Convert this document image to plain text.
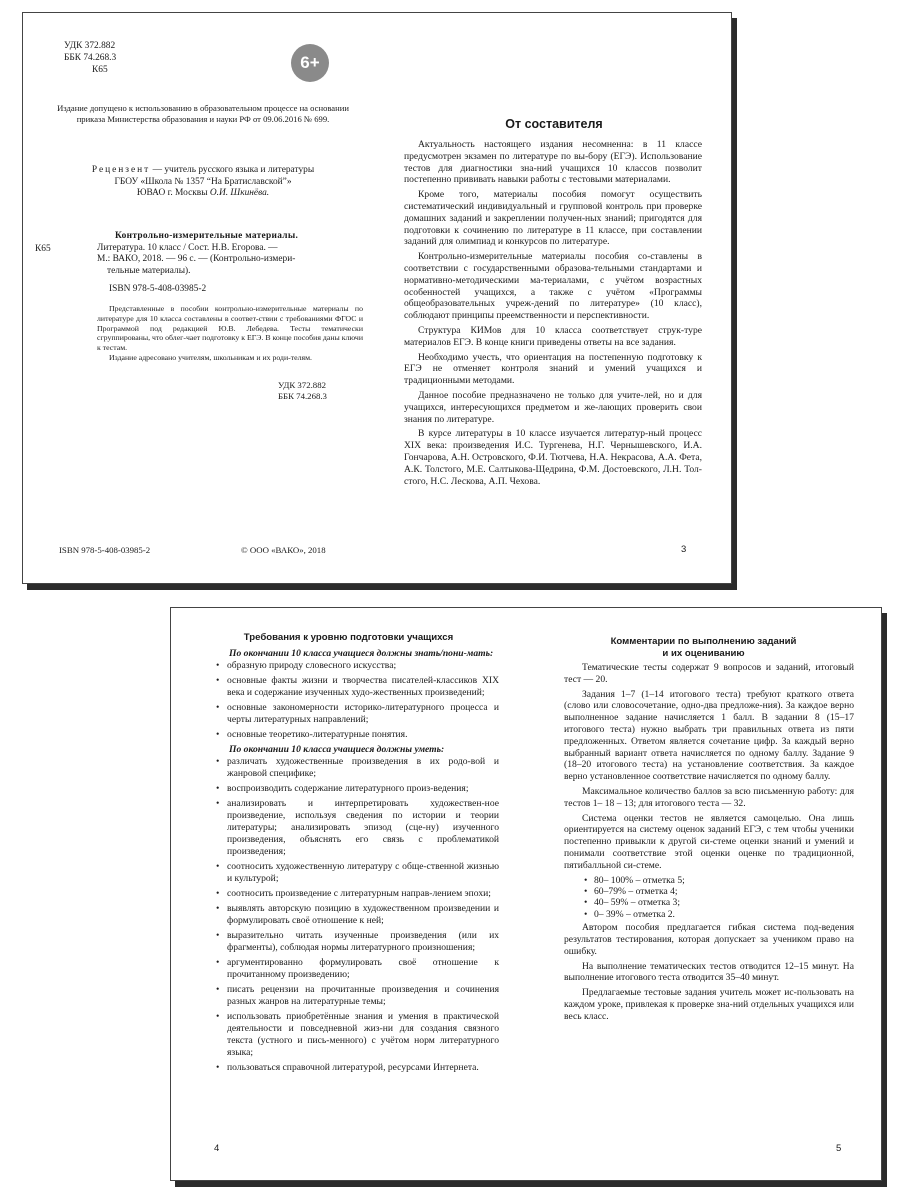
УДК 372.882
ББК 74.268.3
К65	6+

Издание допущено к использованию в образовательном процессе на основании приказа Министерства образования и науки РФ от 09.06.2016 № 699.

Рецензент — учитель русского языка и литературы
ГБОУ «Школа № 1357 “На Братиславской”»
ЮВАО г. Москвы О.И. Шкинёва.
К65
Контрольно-измерительные материалы.
Литература. 10 класс / Сост. Н.В. Егорова. —
М.: ВАКО, 2018. — 96 с. — (Контрольно-измери-
тельные материалы).
ISBN 978-5-408-03985-2

Представленные в пособии контрольно-измерительные материалы по литературе для 10 класса составлены в соответ-ствии с требованиями ФГОС и Программой под редакцией Ю.В. Лебедева. Тесты тематически сгруппированы, что облег-чает подготовку к ЕГЭ. В конце пособия даны ключи к тестам.

Издание адресовано учителям, школьникам и их роди-телям.

УДК 372.882
ББК 74.268.3
ISBN 978-5-408-03985-2	© ООО «ВАКО», 2018
От составителя

Актуальность настоящего издания несомненна: в 11 классе предусмотрен экзамен по литературе по вы-бору (ЕГЭ). Использование тестов для диагностики зна-ний учащихся 10 классов позволит постепенно прививать навыки работы с тестовыми материалами.

Кроме того, материалы пособия помогут осуществить систематический индивидуальный и групповой контроль при проверке домашних заданий и закреплении получен-ных знаний; пригодятся для подготовки к сочинению по литературе в 11 классе, при составлении заданий для олимпиад и конкурсов по литературе.

Контрольно-измерительные материалы пособия со-ставлены в соответствии с государственными образова-тельными стандартами и нормативно-методическими ма-териалами, с учётом возрастных особенностей учащихся, а также с учётом «Программы общеобразовательных учреж-дений по литературе» (10 класс), соблюдают принципы преемственности и перспективности.

Структура КИМов для 10 класса соответствует струк-туре материалов ЕГЭ. В конце книги приведены ответы на все задания.

Необходимо учесть, что ориентация на постепенную подготовку к ЕГЭ не отменяет контроля знаний и умений учащихся и традиционными методами.

Данное пособие предназначено не только для учите-лей, но и для учащихся, интересующихся предметом и же-лающих проверить свои знания по литературе.

В курсе литературы в 10 классе изучается литератур-ный процесс XIX века: произведения И.С. Тургенева, Н.Г. Чернышевского, И.А. Гончарова, А.Н. Островского, Ф.И. Тютчева, Н.А. Некрасова, А.А. Фета, А.К. Толстого, М.Е. Салтыкова-Щедрина, Ф.М. Достоевского, Л.Н. Тол-стого, Н.С. Лескова, А.П. Чехова.

3
Требования к уровню подготовки учащихся

По окончании 10 класса учащиеся должны знать/пони-мать:

• образную природу словесного искусства;
• основные факты жизни и творчества писателей-классиков XIX века и содержание изученных худо-жественных произведений;
• основные закономерности историко-литературного процесса и черты литературных направлений;
• основные теоретико-литературные понятия.

По окончании 10 класса учащиеся должны уметь:

• различать художественные произведения в их родо-вой и жанровой специфике;
• воспроизводить содержание литературного произ-ведения;
• анализировать и интерпретировать художествен-ное произведение, используя сведения по истории и теории литературы; анализировать эпизод (сце-ну) изученного произведения, объяснять его связь с проблематикой произведения;
• соотносить художественную литературу с обще-ственной жизнью и культурой;
• соотносить произведение с литературным направ-лением эпохи;
• выявлять авторскую позицию в художественном произведении и формулировать своё отношение к ней;
• выразительно читать изученные произведения (или их фрагменты), соблюдая нормы литературного произношения;
• аргументированно формулировать своё отношение к прочитанному произведению;
• писать рецензии на прочитанные произведения и сочинения разных жанров на литературные темы;
• использовать приобретённые знания и умения в практической деятельности и повседневной жиз-ни для создания связного текста (устного и пись-менного) с учётом норм литературного языка;
• пользоваться справочной литературой, ресурсами Интернета.
4
Комментарии по выполнению заданий
и их оцениванию

Тематические тесты содержат 9 вопросов и заданий, итоговый тест — 20.

Задания 1–7 (1–14 итогового теста) требуют краткого ответа (слово или словосочетание, одно-два предложе-ния). За каждое верно выполненное задание начисляется 1 балл. В задании 8 (15–17 итогового теста) нужно выбрать три правильных ответа из пяти предложенных. Ответом является сочетание цифр. За каждый верно выбранный вариант ответа начисляется по одному баллу. Задание 9 (18–20 итогового теста) на установление соответствия. За каждое верно установленное соответствие начисляется по одному баллу.

Максимальное количество баллов за всю письменную работу: для тестов 1– 18 – 13; для итогового теста — 32.

Система оценки тестов не является самоцелью. Она лишь ориентируется на систему оценок заданий ЕГЭ, с тем чтобы ученики постепенно привыкли к другой си-стеме оценки знаний и умений и понимали соответствие этой оценки оценке по традиционной, пятибалльной си-стеме.

• 80– 100% – отметка 5;
• 60–79% – отметка 4;
• 40– 59% – отметка 3;
• 0– 39% – отметка 2.

Автором пособия предлагается гибкая система под-ведения результатов тестирования, которая допускает за учеником право на ошибку.

На выполнение тематических тестов отводится 12–15 минут. На выполнение итогового теста отводится 35–40 минут.

Предлагаемые тестовые задания учитель может ис-пользовать на каждом уроке, привлекая к проверке зна-ний отдельных учащихся или весь класс.

5
